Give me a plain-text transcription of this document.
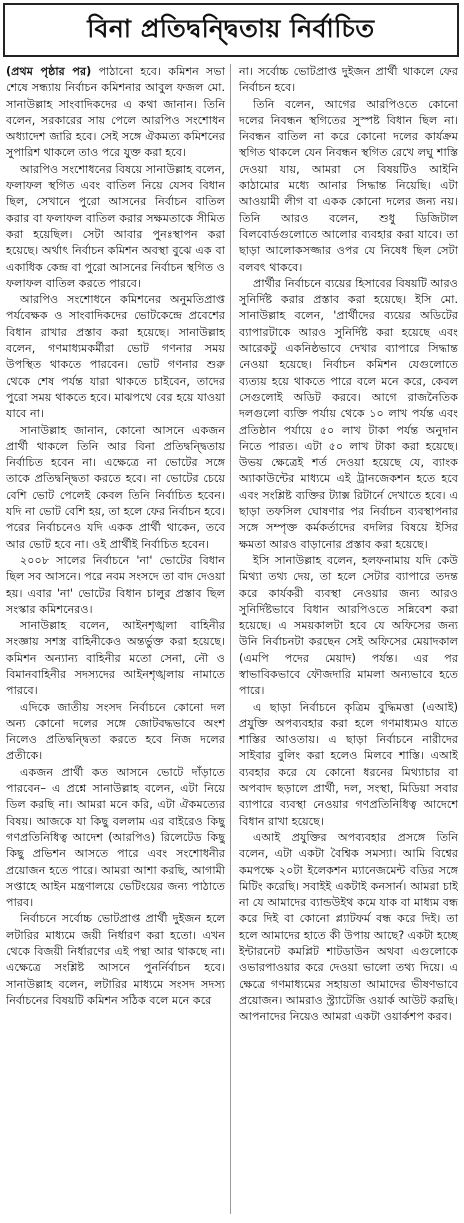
বিনা প্রতিদ্বন্দ্বিতায় নির্বাচিত

(প্রথম পৃষ্ঠার পর) পাঠানো হবে। কমিশন সভা শেষে সন্ধ্যায় নির্বাচন কমিশনার আবুল ফজল মো. সানাউল্লাহ সাংবাদিকদের এ কথা জানান। তিনি বলেন, সরকারের সায় পেলে আরপিও সংশোধন অধ্যাদেশ জারি হবে। সেই সঙ্গে ঐকমত্য কমিশনের সুপারিশ থাকলে তাও পরে যুক্ত করা হবে।

আরপিও সংশোধনের বিষয়ে সানাউল্লাহ বলেন, ফলাফল স্থগিত এবং বাতিল নিয়ে যেসব বিধান ছিল, সেখানে পুরো আসনের নির্বাচন বাতিল করার বা ফলাফল বাতিল করার সক্ষমতাকে সীমিত করা হয়েছিল। সেটা আবার পুনঃস্থাপন করা হয়েছে। অর্থাৎ নির্বাচন কমিশন অবস্থা বুঝে এক বা একাধিক কেন্দ্র বা পুরো আসনের নির্বাচন স্থগিত ও ফলাফল বাতিল করতে পারবে।

আরপিও সংশোধনে কমিশনের অনুমতিপ্রাপ্ত পর্যবেক্ষক ও সাংবাদিকদের ভোটকেন্দ্রে প্রবেশের বিধান রাখার প্রস্তাব করা হয়েছে। সানাউল্লাহ বলেন, গণমাধ্যমকর্মীরা ভোট গণনার সময় উপস্থিত থাকতে পারবেন। ভোট গণনার শুরু থেকে শেষ পর্যন্ত যারা থাকতে চাইবেন, তাদের পুরো সময় থাকতে হবে। মাঝপথে বের হয়ে যাওয়া যাবে না।

সানাউল্লাহ জানান, কোনো আসনে একজন প্রার্থী থাকলে তিনি আর বিনা প্রতিদ্বন্দ্বিতায় নির্বাচিত হবেন না। এক্ষেত্রে না ভোটের সঙ্গে তাকে প্রতিদ্বন্দ্বিতা করতে হবে। না ভোটের চেয়ে বেশি ভোট পেলেই কেবল তিনি নির্বাচিত হবেন। যদি না ভোট বেশি হয়, তা হলে ফের নির্বাচন হবে। পরের নির্বাচনেও যদি একক প্রার্থী থাকেন, তবে আর ভোট হবে না। ওই প্রার্থীই নির্বাচিত হবেন।

২০০৮ সালের নির্বাচনে 'না' ভোটের বিধান ছিল সব আসনে। পরে নবম সংসদে তা বাদ দেওয়া হয়। এবার 'না' ভোটের বিধান চালুর প্রস্তাব ছিল সংস্কার কমিশনেরও।

সানাউল্লাহ বলেন, আইনশৃঙ্খলা বাহিনীর সংজ্ঞায় সশস্ত্র বাহিনীকেও অন্তর্ভুক্ত করা হয়েছে। কমিশন অন্যান্য বাহিনীর মতো সেনা, নৌ ও বিমানবাহিনীর সদস্যদের আইনশৃঙ্খলায় নামাতে পারবে।

এদিকে জাতীয় সংসদ নির্বাচনে কোনো দল অন্য কোনো দলের সঙ্গে জোটবদ্ধভাবে অংশ নিলেও প্রতিদ্বন্দ্বিতা করতে হবে নিজ দলের প্রতীকে।

একজন প্রার্থী কত আসনে ভোটে দাঁড়াতে পারবেন– এ প্রশ্নে সানাউল্লাহ বলেন, এটা নিয়ে ডিল করছি না। আমরা মনে করি, এটা ঐকমত্যের বিষয়। আজকে যা কিছু বললাম এর বাইরেও কিছু গণপ্রতিনিধিত্ব আদেশ (আরপিও) রিলেটেড কিছু কিছু প্রভিশন আসতে পারে এবং সংশোধনীর প্রয়োজন হতে পারে। আমরা আশা করছি, আগামী সপ্তাহে আইন মন্ত্রণালয়ে ভেটিংয়ের জন্য পাঠাতে পারব।

নির্বাচনে সর্বোচ্চ ভোটপ্রাপ্ত প্রার্থী দুইজন হলে লটারির মাধ্যমে জয়ী নির্ধারণ করা হতো। এখন থেকে বিজয়ী নির্ধারণের এই পন্থা আর থাকছে না। এক্ষেত্রে সংশ্লিষ্ট আসনে পুনর্নির্বাচন হবে। সানাউল্লাহ বলেন, লটারির মাধ্যমে সংসদ সদস্য নির্বাচনের বিষয়টি কমিশন সঠিক বলে মনে করে

না। সর্বোচ্চ ভোটপ্রাপ্ত দুইজন প্রার্থী থাকলে ফের নির্বাচন হবে।

তিনি বলেন, আগের আরপিওতে কোনো দলের নিবন্ধন স্থগিতের সুস্পষ্ট বিধান ছিল না। নিবন্ধন বাতিল না করে কোনো দলের কার্যক্রম স্থগিত থাকলে যেন নিবন্ধন স্থগিত রেখে লঘু শাস্তি দেওয়া যায়, আমরা সে বিষয়টিও আইনি কাঠামোর মধ্যে আনার সিদ্ধান্ত নিয়েছি। এটা আওয়ামী লীগ বা একক কোনো দলের জন্য নয়। তিনি আরও বলেন, শুধু ডিজিটাল বিলবোর্ডগুলোতে আলোর ব্যবহার করা যাবে। তা ছাড়া আলোকসজ্জার ওপর যে নিষেধ ছিল সেটা বলবৎ থাকবে।

প্রার্থীর নির্বাচনে ব্যয়ের হিসাবের বিষয়টি আরও সুনির্দিষ্ট করার প্রস্তাব করা হয়েছে। ইসি মো. সানাউল্লাহ বলেন, 'প্রার্থীদের ব্যয়ের অডিটের ব্যাপারটাকে আরও সুনির্দিষ্ট করা হয়েছে এবং আরেকটু একনিষ্ঠভাবে দেখার ব্যাপারে সিদ্ধান্ত নেওয়া হয়েছে। নির্বাচন কমিশন যেগুলোতে ব্যত্যয় হয়ে থাকতে পারে বলে মনে করে, কেবল সেগুলোই অডিট করবে। আগে রাজনৈতিক দলগুলো ব্যক্তি পর্যায় থেকে ১০ লাখ পর্যন্ত এবং প্রতিষ্ঠান পর্যায়ে ৫০ লাখ টাকা পর্যন্ত অনুদান নিতে পারত। এটা ৫০ লাখ টাকা করা হয়েছে। উভয় ক্ষেত্রেই শর্ত দেওয়া হয়েছে যে, ব্যাংক অ্যাকাউন্টের মাধ্যমে এই ট্রানজেকশন হতে হবে এবং সংশ্লিষ্ট ব্যক্তির ট্যাক্স রিটার্নে দেখাতে হবে। এ ছাড়া তফসিল ঘোষণার পর নির্বাচন ব্যবস্থাপনার সঙ্গে সম্পৃক্ত কর্মকর্তাদের বদলির বিষয়ে ইসির ক্ষমতা আরও বাড়ানোর প্রস্তাব করা হয়েছে।

ইসি সানাউল্লাহ বলেন, হলফনামায় যদি কেউ মিথ্যা তথ্য দেয়, তা হলে সেটার ব্যাপারে তদন্ত করে কার্যকরী ব্যবস্থা নেওয়ার জন্য আরও সুনির্দিষ্টভাবে বিধান আরপিওতে সন্নিবেশ করা হয়েছে। এ সময়কালটা হবে যে অফিসের জন্য উনি নির্বাচনটা করছেন সেই অফিসের মেয়াদকাল (এমপি পদের মেয়াদ) পর্যন্ত। এর পর স্বাভাবিকভাবে ফৌজদারি মামলা অন্যভাবে হতে পারে।

এ ছাড়া নির্বাচনে কৃত্রিম বুদ্ধিমত্তা (এআই) প্রযুক্তি অপব্যবহার করা হলে গণমাধ্যমও যাতে শাস্তির আওতায়। এ ছাড়া নির্বাচনে নারীদের সাইবার বুলিং করা হলেও মিলবে শাস্তি। এআই ব্যবহার করে যে কোনো ধরনের মিথ্যাচার বা অপবাদ ছড়ালে প্রার্থী, দল, সংস্থা, মিডিয়া সবার ব্যাপারে ব্যবস্থা নেওয়ার গণপ্রতিনিধিত্ব আদেশে বিধান রাখা হয়েছে।

এআই প্রযুক্তির অপব্যবহার প্রসঙ্গে তিনি বলেন, এটা একটা বৈশ্বিক সমস্যা। আমি বিশ্বের কমপক্ষে ২০টা ইলেকশন ম্যানেজমেন্ট বডির সঙ্গে মিটিং করেছি। সবাইই একটাই কনসার্ন। আমরা চাই না যে আমাদের ব্যান্ডউইথ কমে যাক বা মাধ্যম বন্ধ করে দিই বা কোনো প্ল্যাটফর্ম বন্ধ করে দিই। তা হলে আমাদের হাতে কী উপায় আছে? একটা হচ্ছে ইন্টারনেট কমপ্লিট শাটডাউন অথবা এগুলোকে ওভারপাওয়ার করে দেওয়া ভালো তথ্য দিয়ে। এ ক্ষেত্রে গণমাধ্যমের সহায়তা আমাদের ভীষণভাবে প্রয়োজন। আমরাও স্ট্র্যাটেজি ওয়ার্ক আউট করছি। আপনাদের নিয়েও আমরা একটা ওয়ার্কশপ করব।
